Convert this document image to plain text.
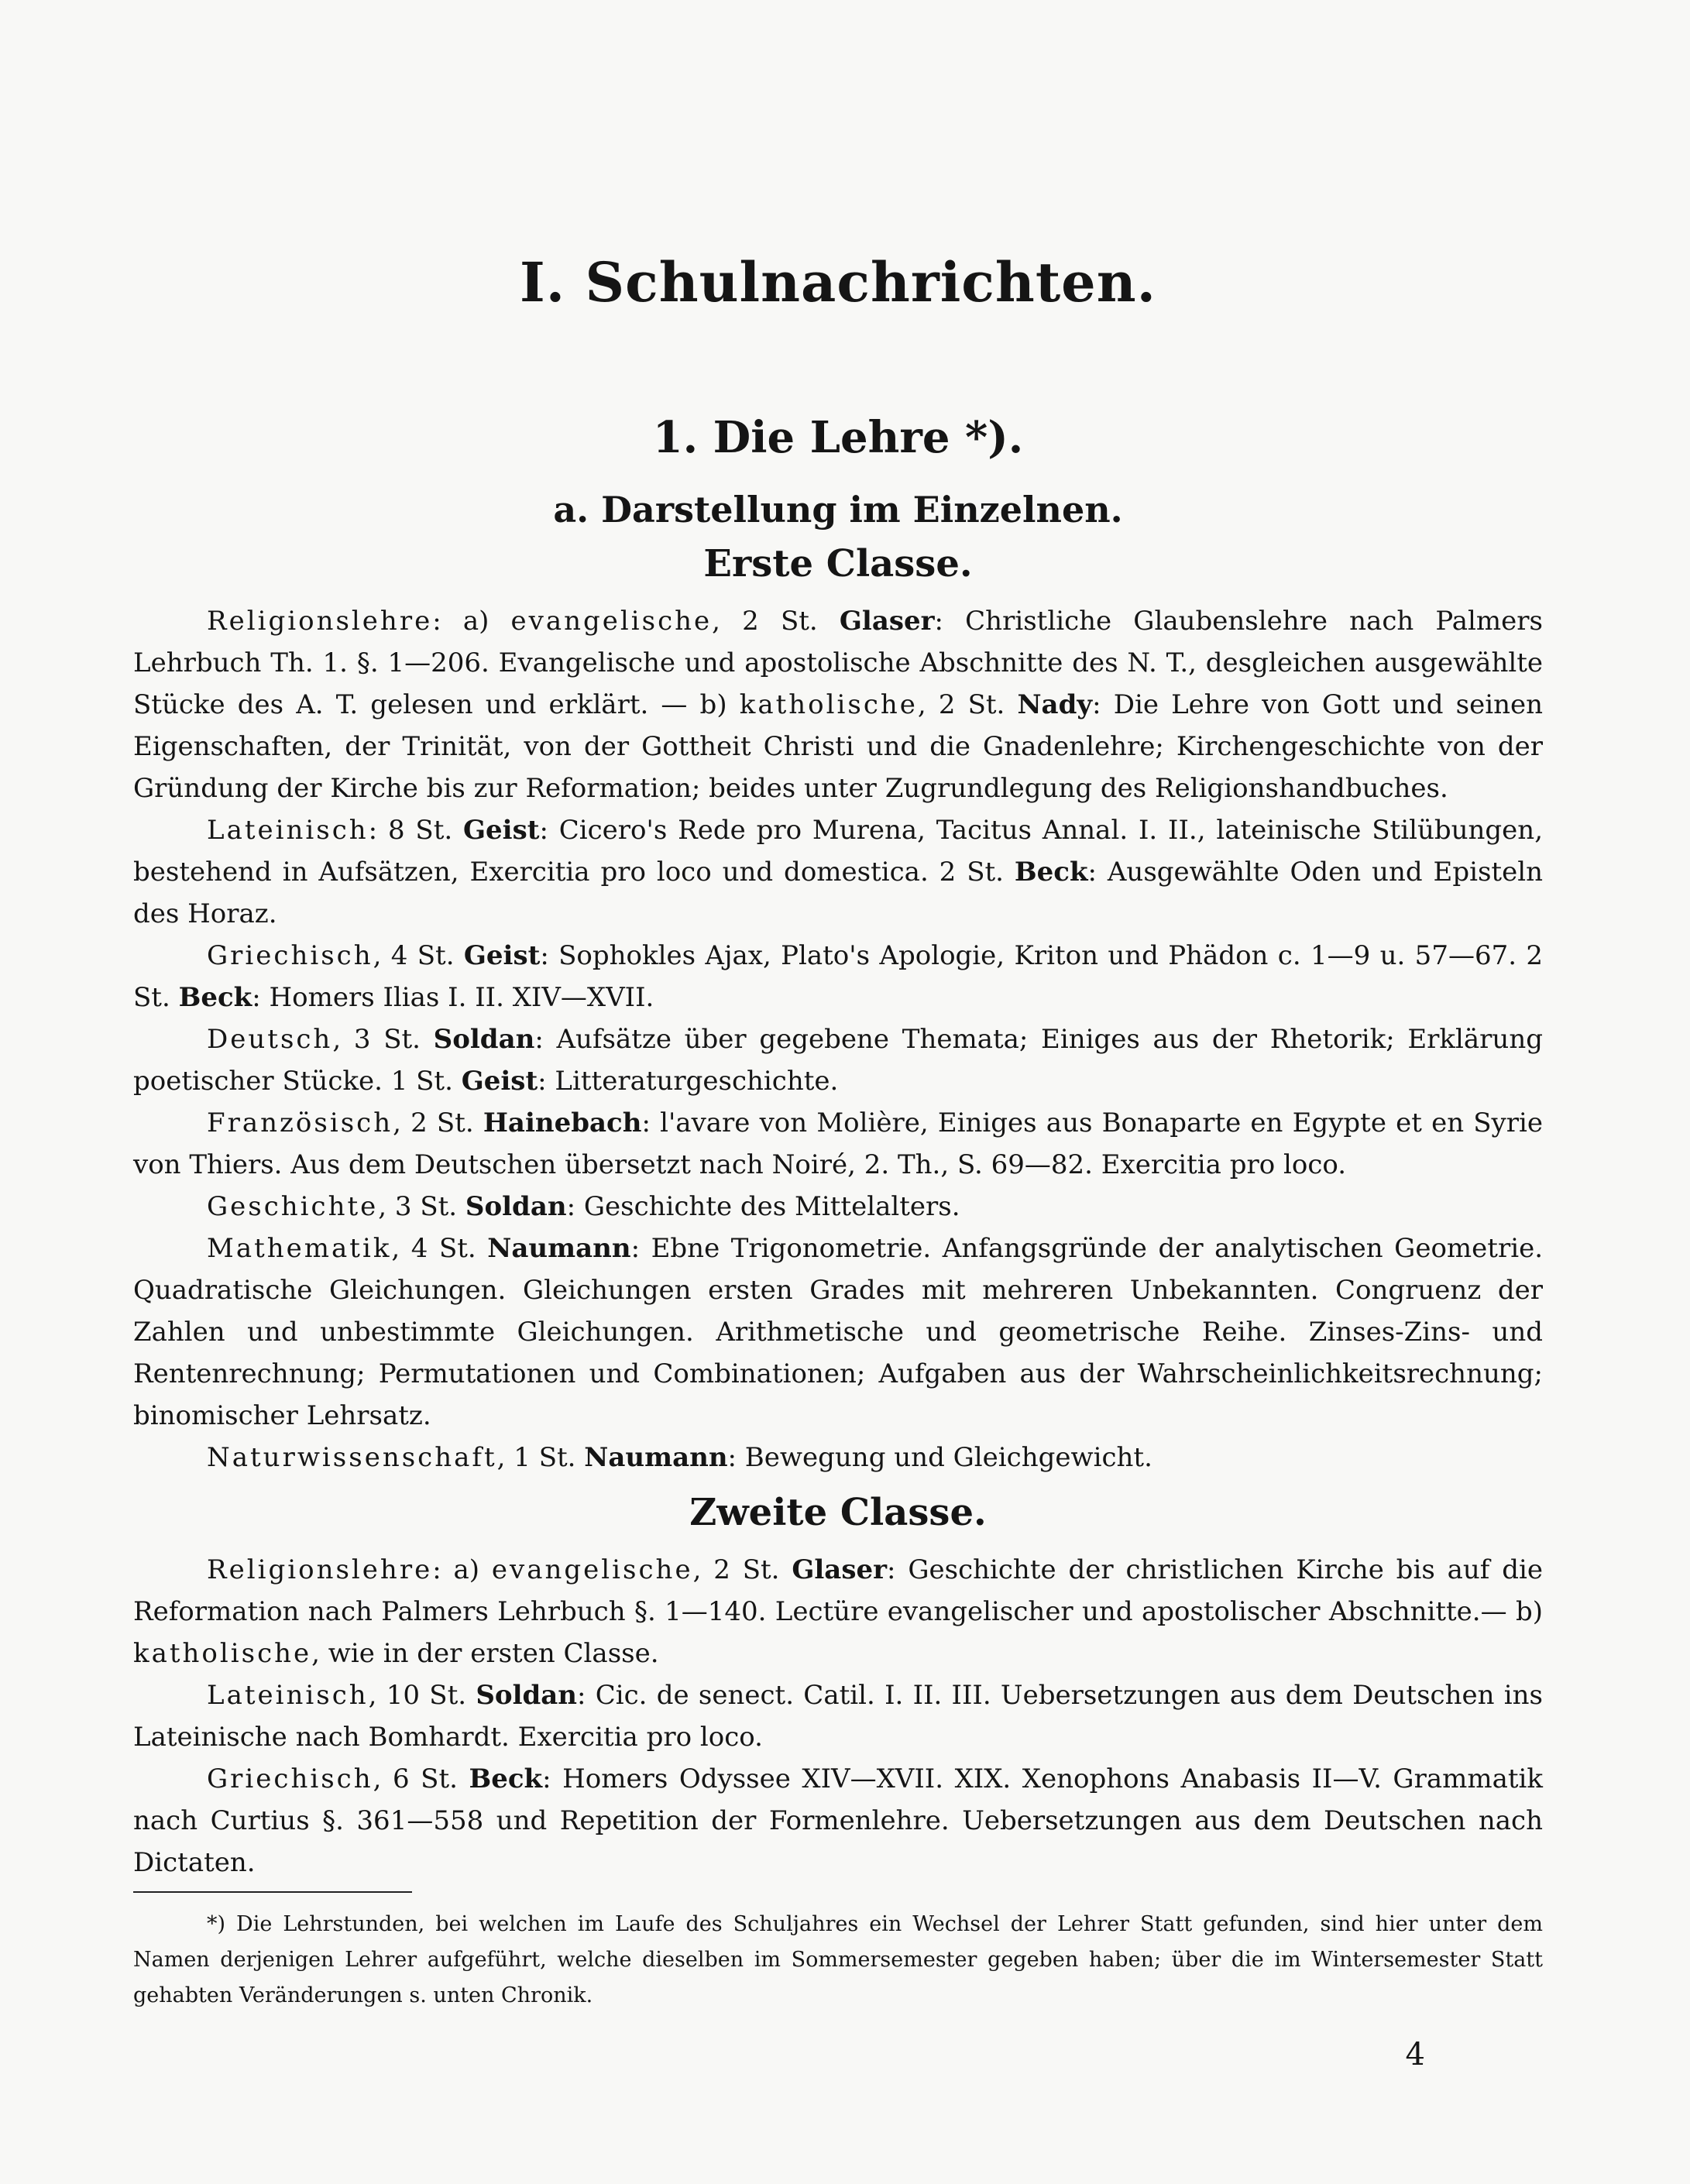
I. Schulnachrichten.
1. Die Lehre *).
a. Darstellung im Einzelnen.
Erste Classe.

Religionslehre: a) evangelische, 2 St. Glaser: Christliche Glaubenslehre nach Palmers Lehrbuch Th. 1. §. 1—206. Evangelische und apostolische Abschnitte des N. T., desgleichen ausgewählte Stücke des A. T. gelesen und erklärt. — b) katholische, 2 St. Nady: Die Lehre von Gott und seinen Eigenschaften, der Trinität, von der Gottheit Christi und die Gnadenlehre; Kirchengeschichte von der Gründung der Kirche bis zur Reformation; beides unter Zugrundlegung des Religionshandbuches.

Lateinisch: 8 St. Geist: Cicero's Rede pro Murena, Tacitus Annal. I. II., lateinische Stilübungen, bestehend in Aufsätzen, Exercitia pro loco und domestica. 2 St. Beck: Ausgewählte Oden und Episteln des Horaz.

Griechisch, 4 St. Geist: Sophokles Ajax, Plato's Apologie, Kriton und Phädon c. 1—9 u. 57—67. 2 St. Beck: Homers Ilias I. II. XIV—XVII.

Deutsch, 3 St. Soldan: Aufsätze über gegebene Themata; Einiges aus der Rhetorik; Erklärung poetischer Stücke. 1 St. Geist: Litteraturgeschichte.

Französisch, 2 St. Hainebach: l'avare von Molière, Einiges aus Bonaparte en Egypte et en Syrie von Thiers. Aus dem Deutschen übersetzt nach Noiré, 2. Th., S. 69—82. Exercitia pro loco.

Geschichte, 3 St. Soldan: Geschichte des Mittelalters.

Mathematik, 4 St. Naumann: Ebne Trigonometrie. Anfangsgründe der analytischen Geometrie. Quadratische Gleichungen. Gleichungen ersten Grades mit mehreren Unbekannten. Congruenz der Zahlen und unbestimmte Gleichungen. Arithmetische und geometrische Reihe. Zinses-Zins- und Rentenrechnung; Permutationen und Combinationen; Aufgaben aus der Wahrscheinlichkeitsrechnung; binomischer Lehrsatz.

Naturwissenschaft, 1 St. Naumann: Bewegung und Gleichgewicht.

Zweite Classe.

Religionslehre: a) evangelische, 2 St. Glaser: Geschichte der christlichen Kirche bis auf die Reformation nach Palmers Lehrbuch §. 1—140. Lectüre evangelischer und apostolischer Abschnitte.— b) katholische, wie in der ersten Classe.

Lateinisch, 10 St. Soldan: Cic. de senect. Catil. I. II. III. Uebersetzungen aus dem Deutschen ins Lateinische nach Bomhardt. Exercitia pro loco.

Griechisch, 6 St. Beck: Homers Odyssee XIV—XVII. XIX. Xenophons Anabasis II—V. Grammatik nach Curtius §. 361—558 und Repetition der Formenlehre. Uebersetzungen aus dem Deutschen nach Dictaten.

*) Die Lehrstunden, bei welchen im Laufe des Schuljahres ein Wechsel der Lehrer Statt gefunden, sind hier unter dem Namen derjenigen Lehrer aufgeführt, welche dieselben im Sommersemester gegeben haben; über die im Wintersemester Statt gehabten Veränderungen s. unten Chronik.

4
